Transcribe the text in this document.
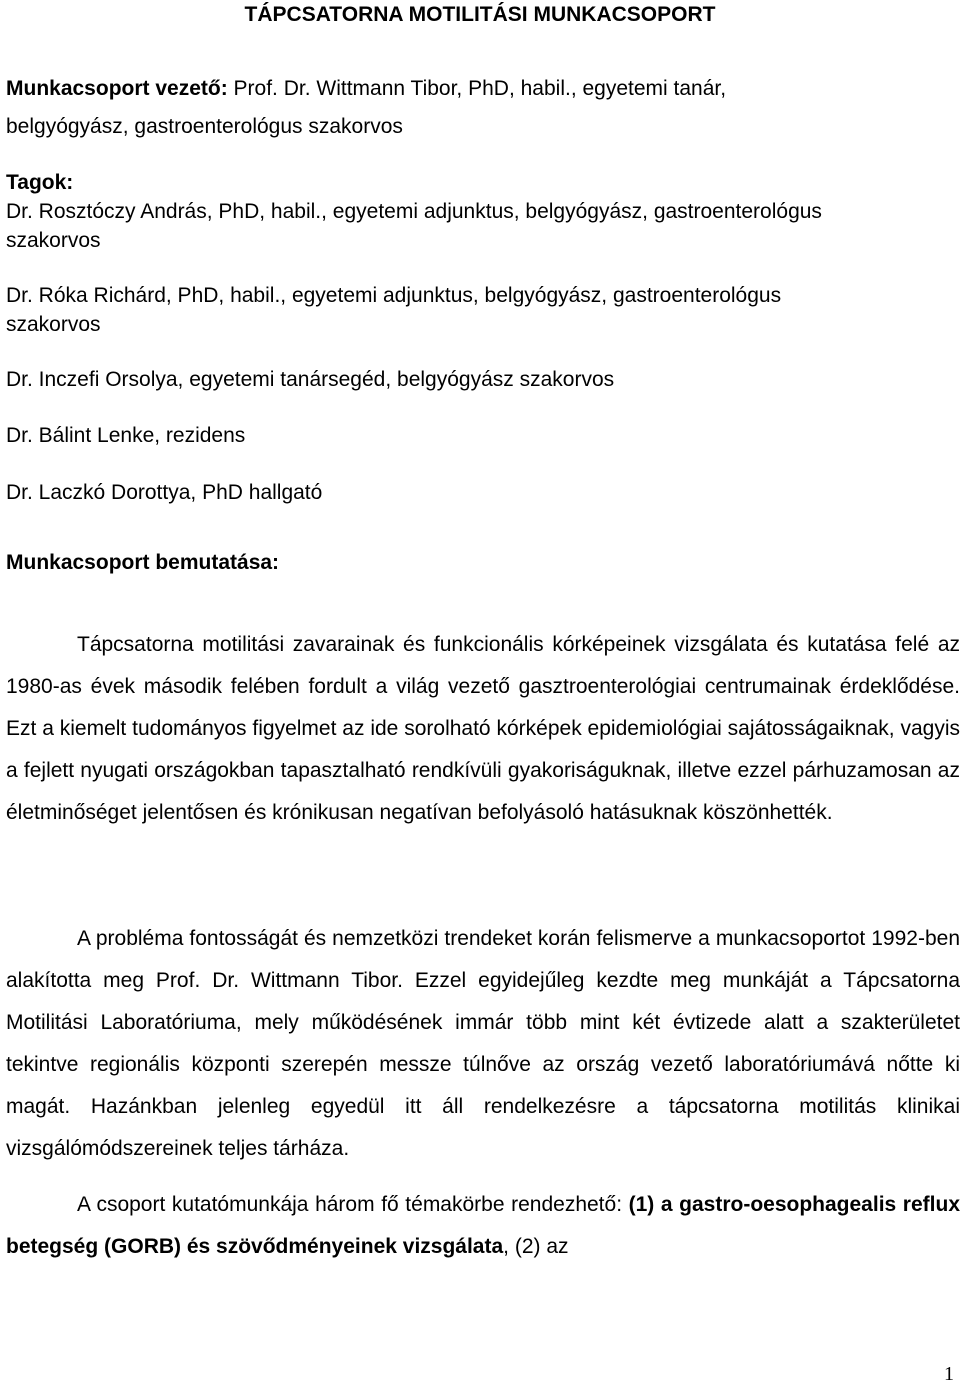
TÁPCSATORNA MOTILITÁSI MUNKACSOPORT
Munkacsoport vezető: Prof. Dr. Wittmann Tibor, PhD, habil., egyetemi tanár,
belgyógyász, gastroenterológus szakorvos
Tagok:
Dr. Rosztóczy András, PhD, habil., egyetemi adjunktus, belgyógyász, gastroenterológus
szakorvos
Dr. Róka Richárd, PhD, habil., egyetemi adjunktus, belgyógyász, gastroenterológus
szakorvos
Dr. Inczefi Orsolya, egyetemi tanársegéd, belgyógyász szakorvos
Dr. Bálint Lenke, rezidens
Dr. Laczkó Dorottya, PhD hallgató
Munkacsoport bemutatása:

Tápcsatorna motilitási zavarainak és funkcionális kórképeinek vizsgálata és kutatása felé az 1980-as évek második felében fordult a világ vezető gasztroenterológiai centrumainak érdeklődése. Ezt a kiemelt tudományos figyelmet az ide sorolható kórképek epidemiológiai sajátosságaiknak, vagyis a fejlett nyugati országokban tapasztalható rendkívüli gyakoriságuknak, illetve ezzel párhuzamosan az életminőséget jelentősen és krónikusan negatívan befolyásoló hatásuknak köszönhették.

A probléma fontosságát és nemzetközi trendeket korán felismerve a munkacsoportot 1992-ben alakította meg Prof. Dr. Wittmann Tibor. Ezzel egyidejűleg kezdte meg munkáját a Tápcsatorna Motilitási Laboratóriuma, mely működésének immár több mint két évtizede alatt a szakterületet tekintve regionális központi szerepén messze túlnőve az ország vezető laboratóriumává nőtte ki magát. Hazánkban jelenleg egyedül itt áll rendelkezésre a tápcsatorna motilitás klinikai vizsgálómódszereinek teljes tárháza.

A csoport kutatómunkája három fő témakörbe rendezhető: (1) a gastro-oesophagealis reflux betegség (GORB) és szövődményeinek vizsgálata, (2) az

1
